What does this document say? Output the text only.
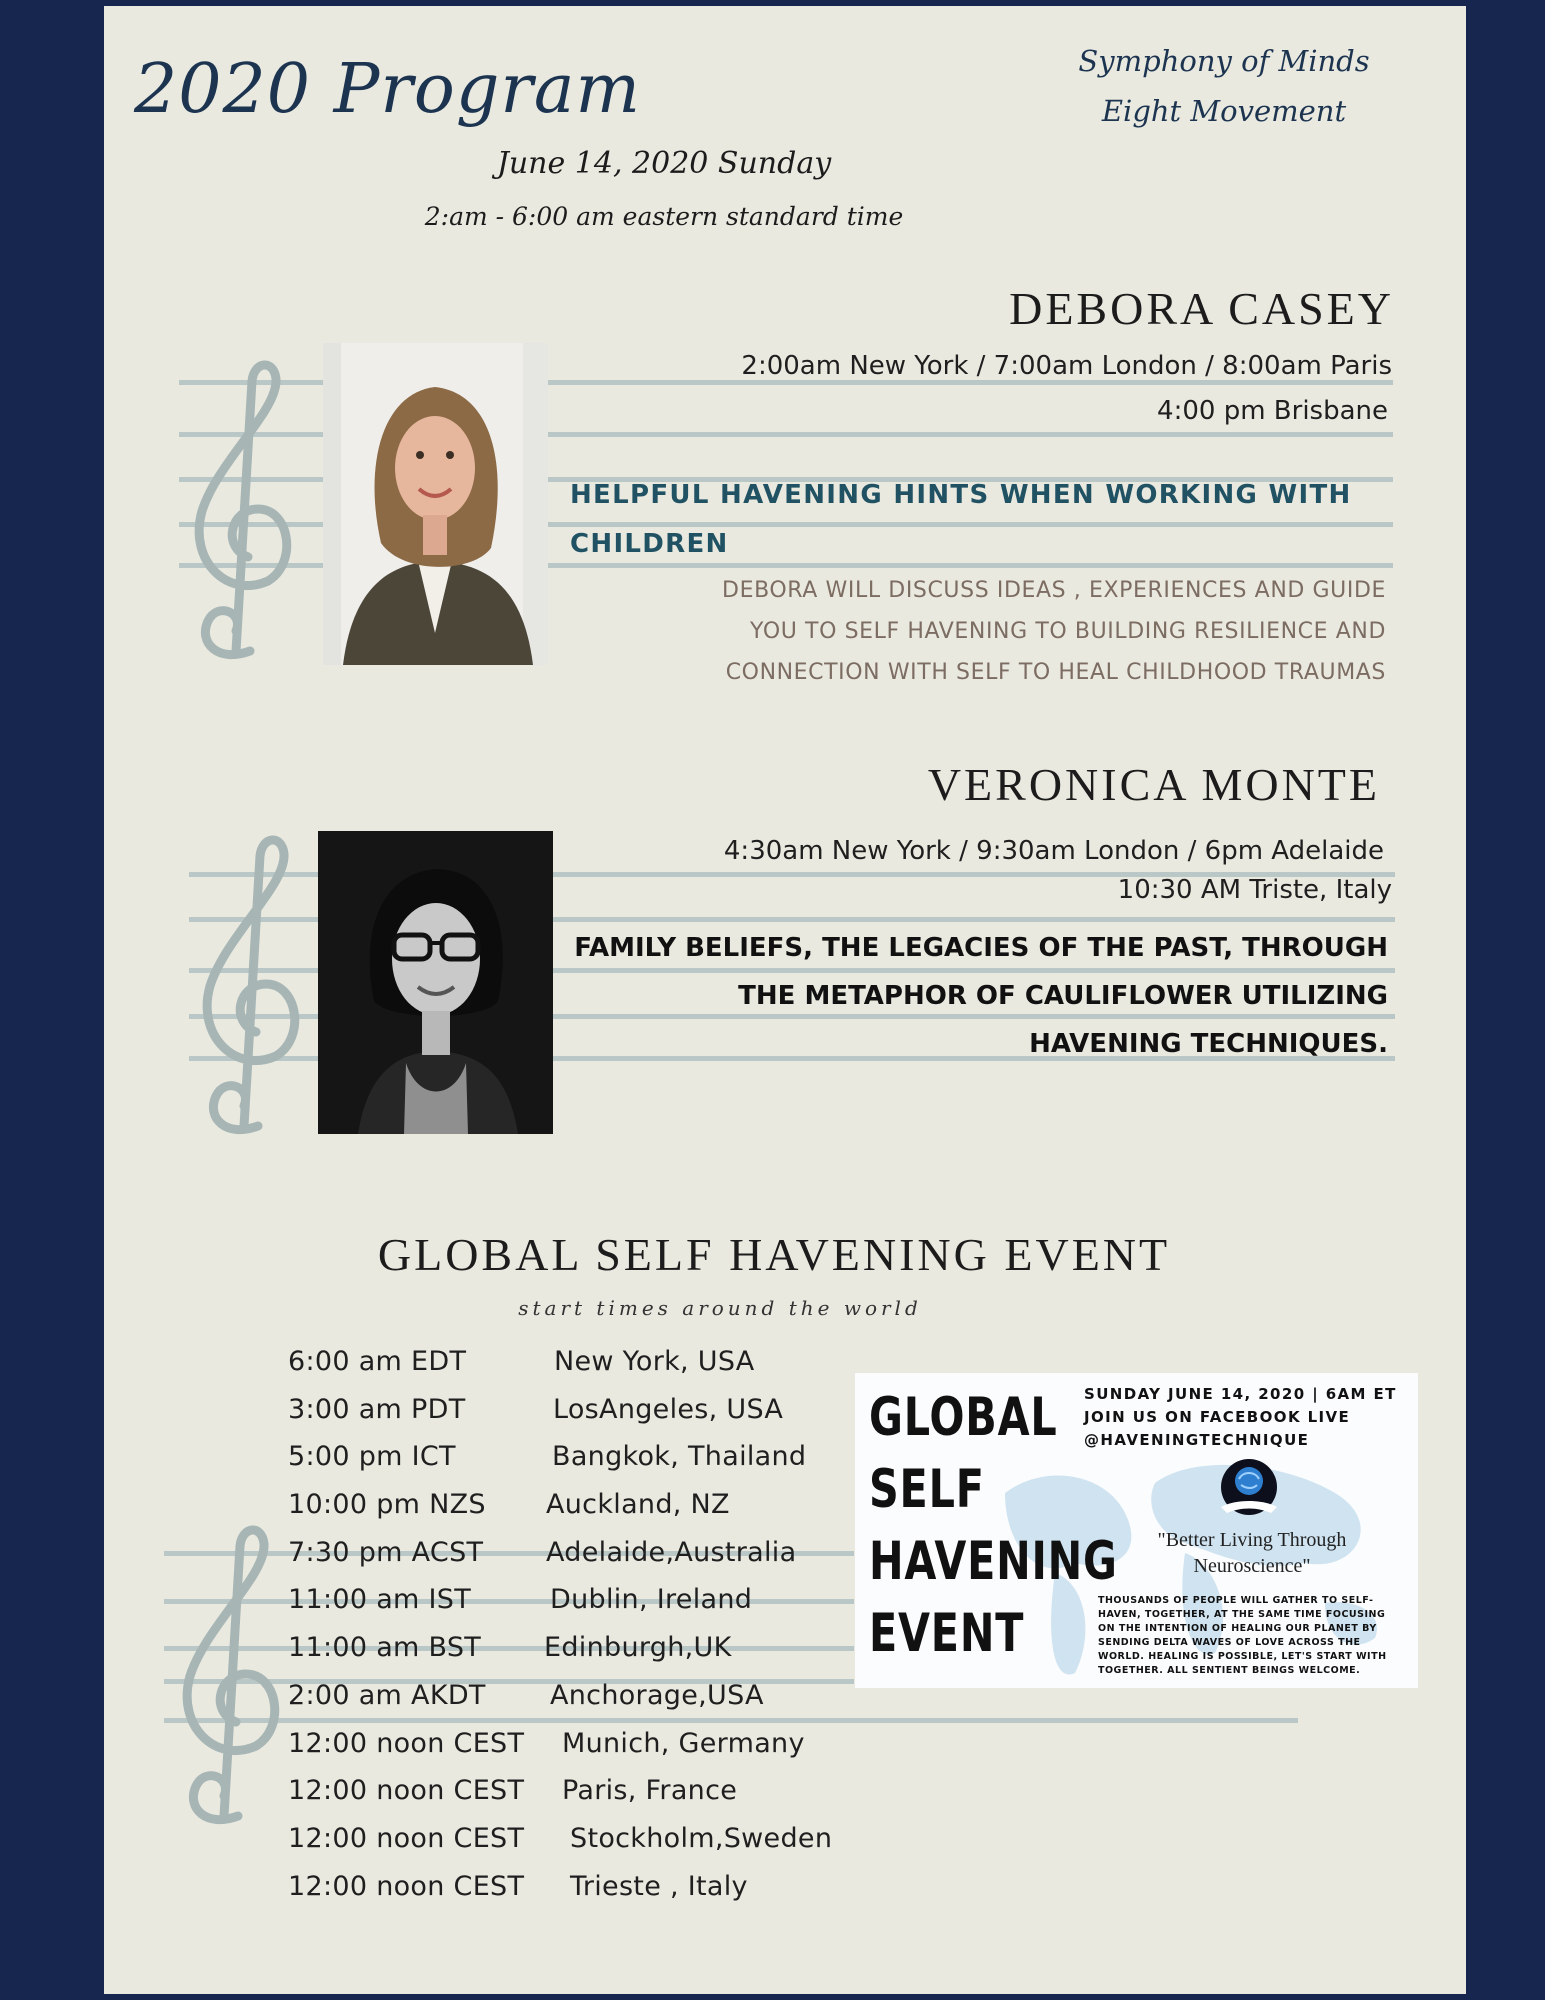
2020 Program	Symphony of Minds
Eight Movement
June 14, 2020 Sunday
2:am - 6:00 am eastern standard time
DEBORA CASEY
2:00am New York / 7:00am London / 8:00am Paris
4:00 pm Brisbane
HELPFUL HAVENING HINTS WHEN WORKING WITH
CHILDREN
DEBORA WILL DISCUSS IDEAS , EXPERIENCES AND GUIDE
YOU TO SELF HAVENING TO BUILDING RESILIENCE AND
CONNECTION WITH SELF TO HEAL CHILDHOOD TRAUMAS
VERONICA MONTE
4:30am New York / 9:30am London / 6pm Adelaide
10:30 AM Triste, Italy
FAMILY BELIEFS, THE LEGACIES OF THE PAST, THROUGH
THE METAPHOR OF CAULIFLOWER UTILIZING
HAVENING TECHNIQUES.
GLOBAL SELF HAVENING EVENT
start times around the world
6:00 am EDT	New York, USA
3:00 am PDT	LosAngeles, USA
5:00 pm ICT	Bangkok, Thailand
10:00 pm NZS Auckland, NZ
7:30 pm ACST Adelaide,Australia
11:00 am IST	Dublin, Ireland
11:00 am BST Edinburgh,UK
2:00 am AKDT Anchorage,USA
12:00 noon CEST Munich, Germany
12:00 noon CEST Paris, France
12:00 noon CEST Stockholm,Sweden
12:00 noon CEST Trieste , Italy
GLOBAL
SELF
HAVENING
EVENT
SUNDAY JUNE 14, 2020 | 6AM ET
JOIN US ON FACEBOOK LIVE
@HAVENINGTECHNIQUE
"Better Living Through
Neuroscience"
THOUSANDS OF PEOPLE WILL GATHER TO SELF-
HAVEN, TOGETHER, AT THE SAME TIME FOCUSING
ON THE INTENTION OF HEALING OUR PLANET BY
SENDING DELTA WAVES OF LOVE ACROSS THE
WORLD. HEALING IS POSSIBLE, LET'S START WITH
TOGETHER. ALL SENTIENT BEINGS WELCOME.
